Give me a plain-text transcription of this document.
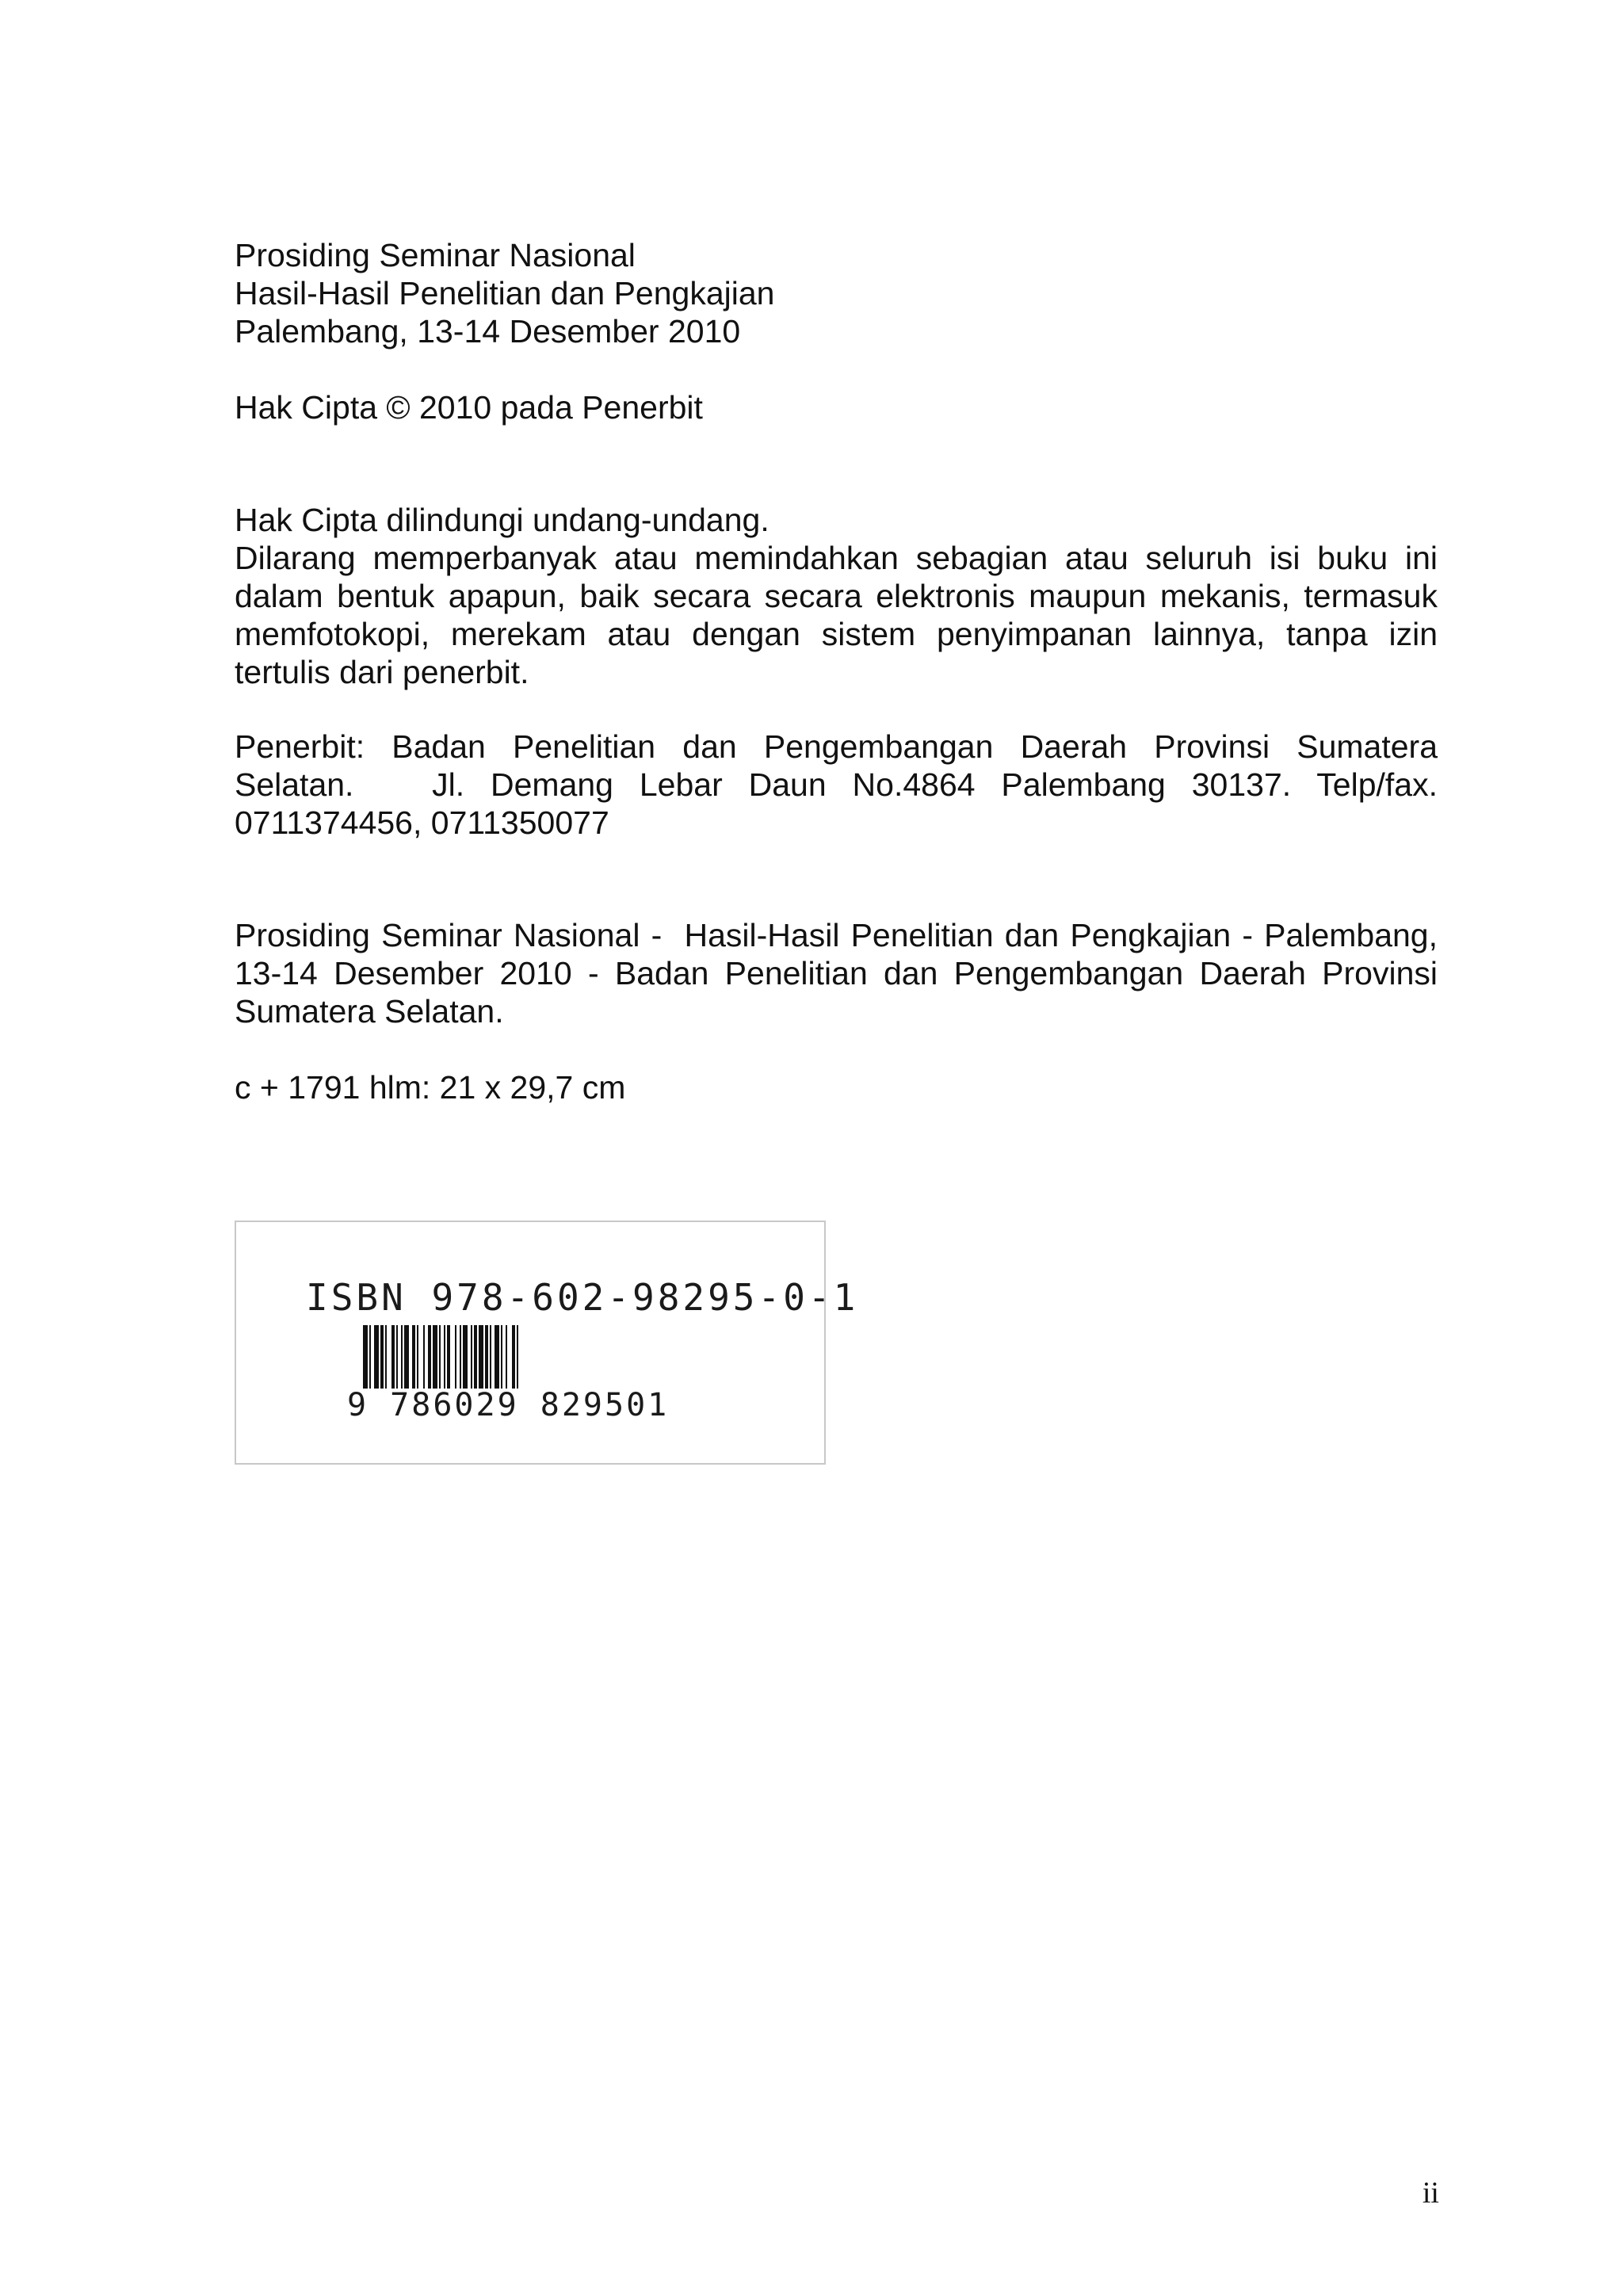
Prosiding Seminar Nasional
Hasil-Hasil Penelitian dan Pengkajian
Palembang, 13-14 Desember 2010
Hak Cipta © 2010 pada Penerbit
Hak Cipta dilindungi undang-undang.
Dilarang memperbanyak atau memindahkan sebagian atau seluruh isi buku ini
dalam bentuk apapun, baik secara secara elektronis maupun mekanis, termasuk
memfotokopi, merekam atau dengan sistem penyimpanan lainnya, tanpa izin
tertulis dari penerbit.
Penerbit: Badan Penelitian dan Pengembangan Daerah Provinsi Sumatera
Selatan.   Jl. Demang Lebar Daun No.4864 Palembang 30137. Telp/fax.
0711374456, 0711350077
Prosiding Seminar Nasional -  Hasil-Hasil Penelitian dan Pengkajian - Palembang,
13-14 Desember 2010 - Badan Penelitian dan Pengembangan Daerah Provinsi
Sumatera Selatan.
c + 1791 hlm: 21 x 29,7 cm
ISBN 978-602-98295-0-1
9 786029 829501
ii
